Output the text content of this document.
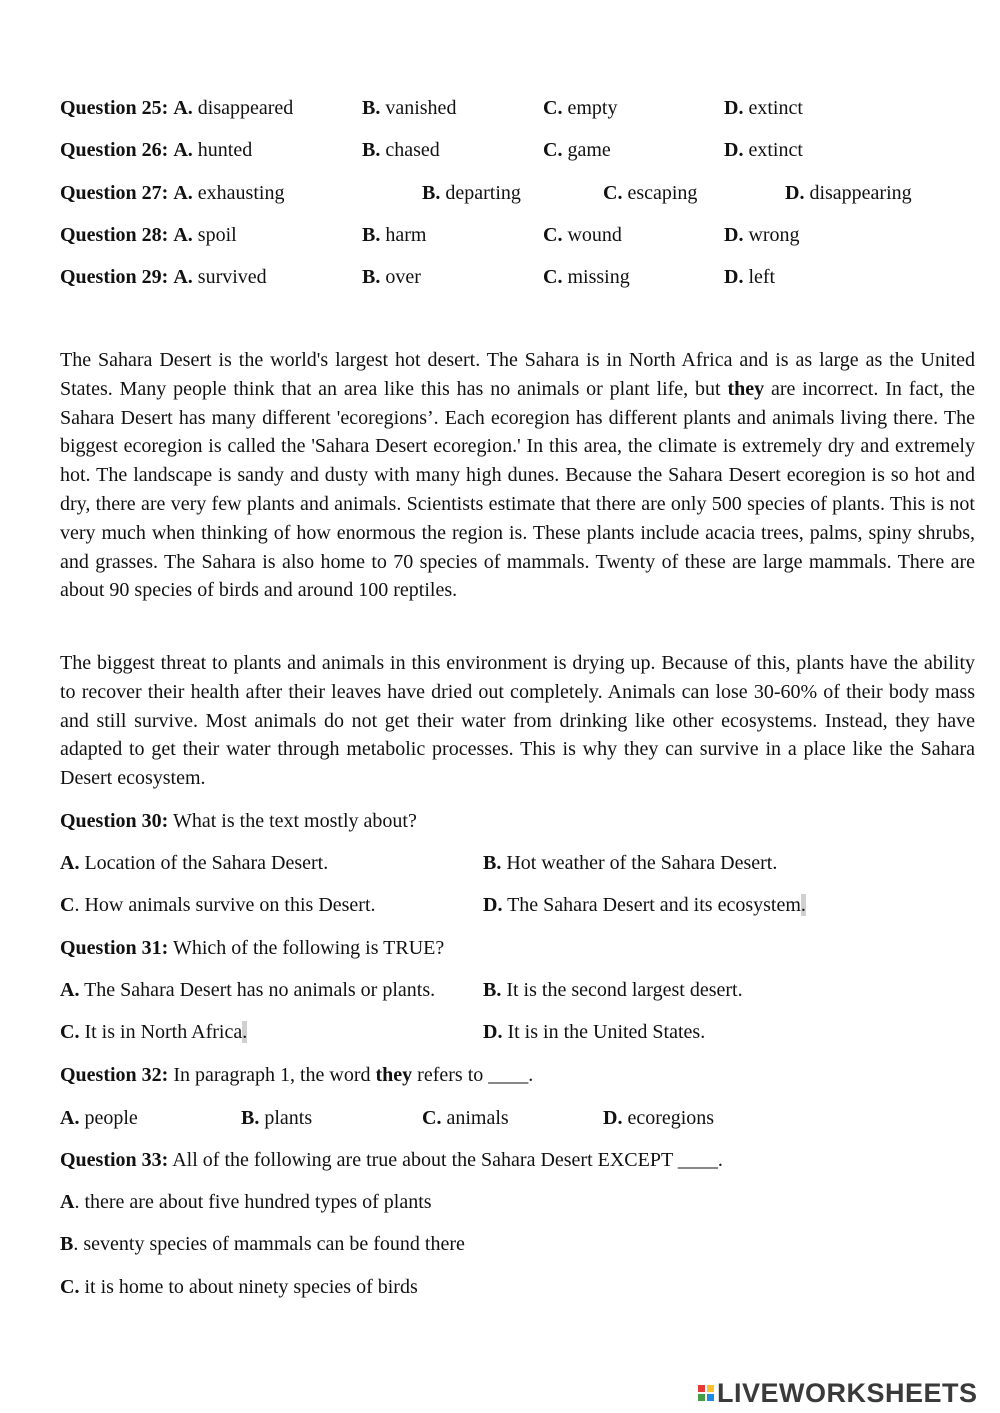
Question 25: A. disappeared	B. vanished	C. empty	D. extinct
Question 26: A. hunted	B. chased	C. game	D. extinct
Question 27: A. exhausting	B. departing	C. escaping	D. disappearing
Question 28: A. spoil	B. harm	C. wound	D. wrong
Question 29: A. survived	B. over	C. missing	D. left

The Sahara Desert is the world's largest hot desert. The Sahara is in North Africa and is as large as the United States. Many people think that an area like this has no animals or plant life, but they are incorrect. In fact, the Sahara Desert has many different 'ecoregions’. Each ecoregion has different plants and animals living there. The biggest ecoregion is called the 'Sahara Desert ecoregion.' In this area, the climate is extremely dry and extremely hot. The landscape is sandy and dusty with many high dunes. Because the Sahara Desert ecoregion is so hot and dry, there are very few plants and animals. Scientists estimate that there are only 500 species of plants. This is not very much when thinking of how enormous the region is. These plants include acacia trees, palms, spiny shrubs, and grasses. The Sahara is also home to 70 species of mammals. Twenty of these are large mammals. There are about 90 species of birds and around 100 reptiles.

The biggest threat to plants and animals in this environment is drying up. Because of this, plants have the ability to recover their health after their leaves have dried out completely. Animals can lose 30-60% of their body mass and still survive. Most animals do not get their water from drinking like other ecosystems. Instead, they have adapted to get their water through metabolic processes. This is why they can survive in a place like the Sahara Desert ecosystem.

Question 30: What is the text mostly about?
A. Location of the Sahara Desert.	B. Hot weather of the Sahara Desert.
C. How animals survive on this Desert.	D. The Sahara Desert and its ecosystem.
Question 31: Which of the following is TRUE?
A. The Sahara Desert has no animals or plants. B. It is the second largest desert.
C. It is in North Africa.	D. It is in the United States.
Question 32: In paragraph 1, the word they refers to ____.
A. people	B. plants	C. animals	D. ecoregions
Question 33: All of the following are true about the Sahara Desert EXCEPT ____.
A. there are about five hundred types of plants
B. seventy species of mammals can be found there
C. it is home to about ninety species of birds
LIVEWORKSHEETS
